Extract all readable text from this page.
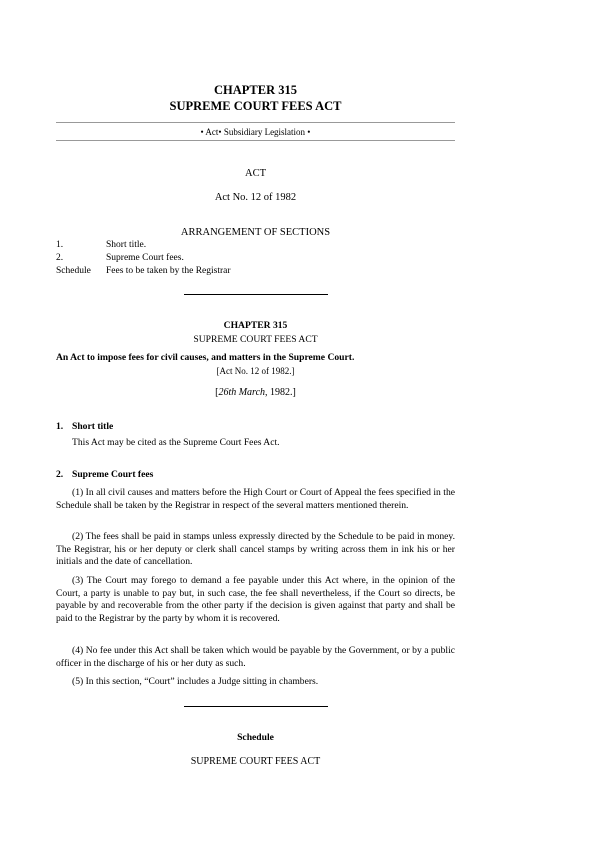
CHAPTER 315
SUPREME COURT FEES ACT
• Act• Subsidiary Legislation •
ACT
Act No. 12 of 1982
ARRANGEMENT OF SECTIONS
1.	Short title.
2.	Supreme Court fees.
Schedule Fees to be taken by the Registrar
CHAPTER 315
SUPREME COURT FEES ACT
An Act to impose fees for civil causes, and matters in the Supreme Court.
[Act No. 12 of 1982.]
[26th March, 1982.]
1. Short title
This Act may be cited as the Supreme Court Fees Act.
2. Supreme Court fees
(1) In all civil causes and matters before the High Court or Court of Appeal the fees specified in the Schedule shall be taken by the Registrar in respect of the several matters mentioned therein.
(2) The fees shall be paid in stamps unless expressly directed by the Schedule to be paid in money. The Registrar, his or her deputy or clerk shall cancel stamps by writing across them in ink his or her initials and the date of cancellation.
(3) The Court may forego to demand a fee payable under this Act where, in the opinion of the Court, a party is unable to pay but, in such case, the fee shall nevertheless, if the Court so directs, be payable by and recoverable from the other party if the decision is given against that party and shall be paid to the Registrar by the party by whom it is recovered.
(4) No fee under this Act shall be taken which would be payable by the Government, or by a public officer in the discharge of his or her duty as such.
(5) In this section, “Court” includes a Judge sitting in chambers.
Schedule
SUPREME COURT FEES ACT
